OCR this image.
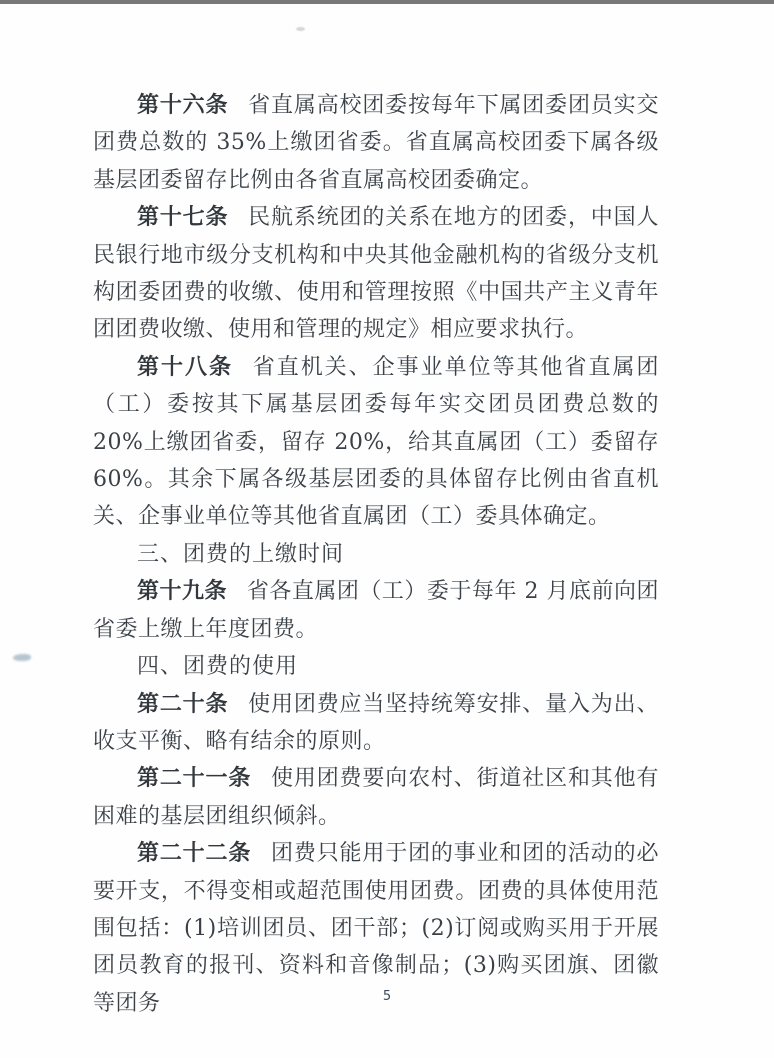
第十六条 省直属高校团委按每年下属团委团员实交团费总数的 35%上缴团省委。省直属高校团委下属各级基层团委留存比例由各省直属高校团委确定。

第十七条 民航系统团的关系在地方的团委，中国人民银行地市级分支机构和中央其他金融机构的省级分支机构团委团费的收缴、使用和管理按照《中国共产主义青年团团费收缴、使用和管理的规定》相应要求执行。

第十八条 省直机关、企事业单位等其他省直属团（工）委按其下属基层团委每年实交团员团费总数的 20%上缴团省委，留存 20%，给其直属团（工）委留存 60%。其余下属各级基层团委的具体留存比例由省直机关、企事业单位等其他省直属团（工）委具体确定。

三、团费的上缴时间

第十九条 省各直属团（工）委于每年 2 月底前向团省委上缴上年度团费。

四、团费的使用

第二十条 使用团费应当坚持统筹安排、量入为出、收支平衡、略有结余的原则。

第二十一条 使用团费要向农村、街道社区和其他有困难的基层团组织倾斜。

第二十二条 团费只能用于团的事业和团的活动的必要开支，不得变相或超范围使用团费。团费的具体使用范围包括：(1)培训团员、团干部；(2)订阅或购买用于开展团员教育的报刊、资料和音像制品；(3)购买团旗、团徽等团务	5
